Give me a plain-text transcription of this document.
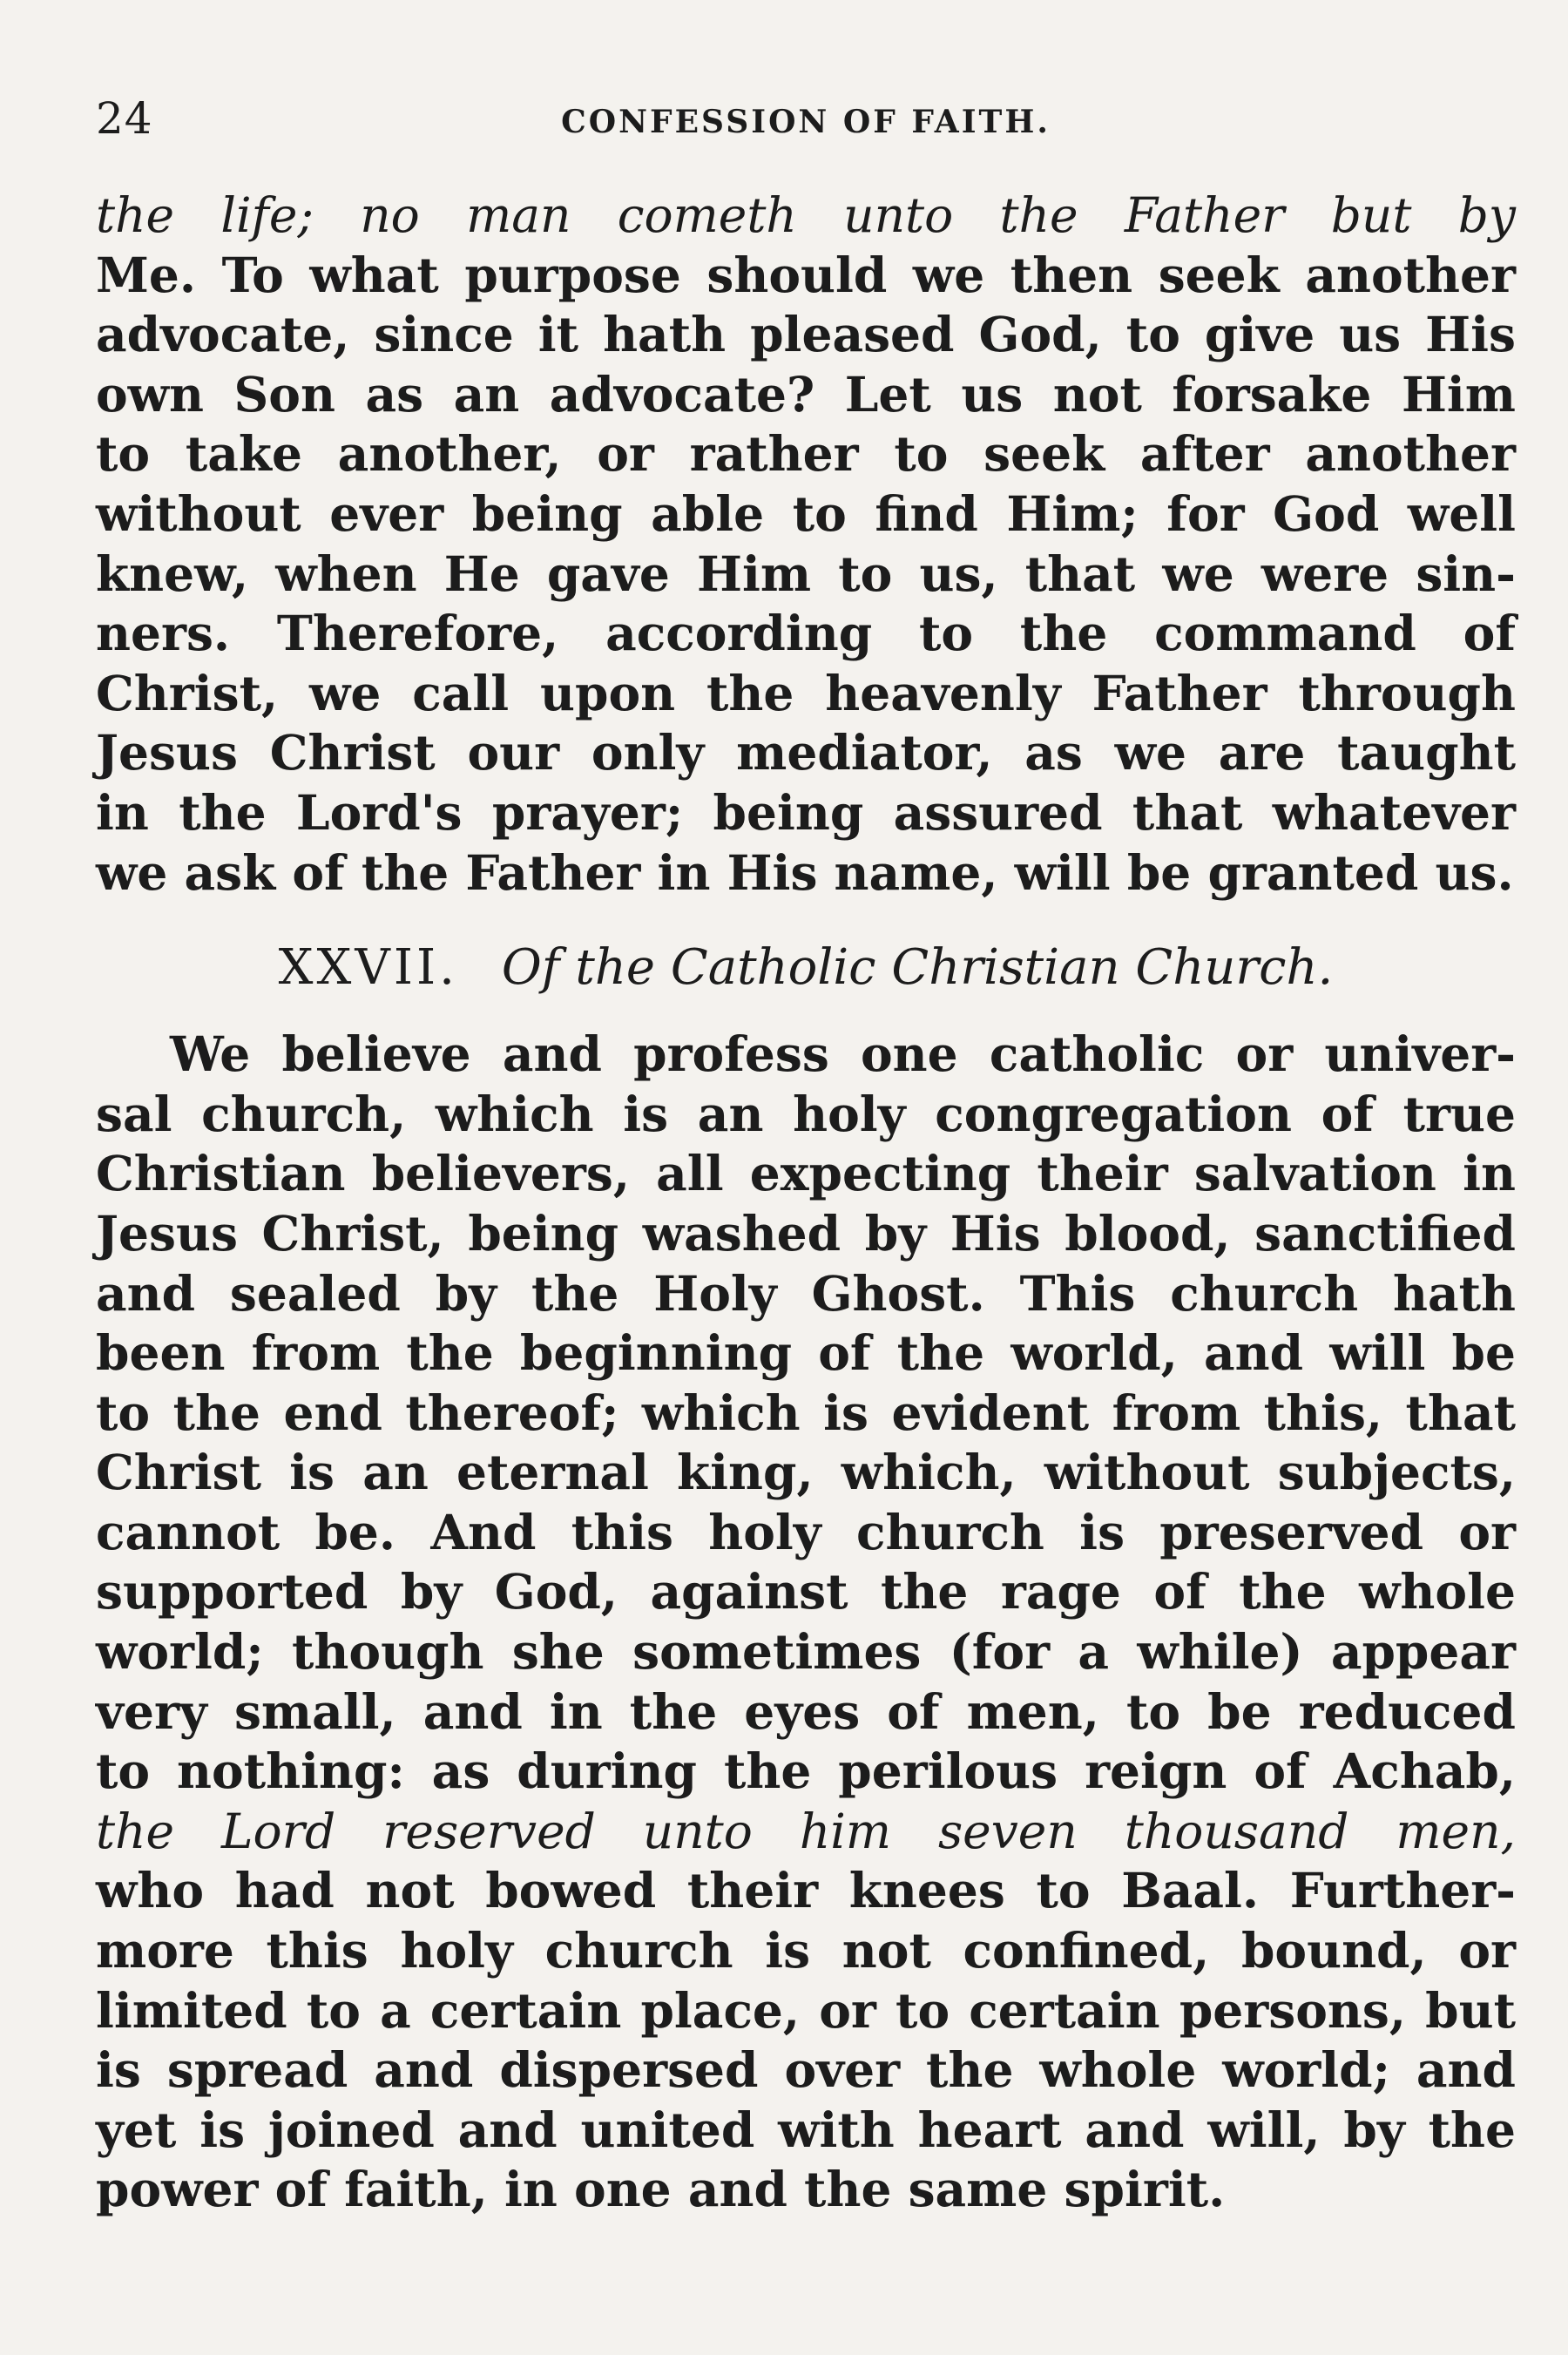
24	CONFESSION OF FAITH.

the life; no man cometh unto the Father but by
Me. To what purpose should we then seek another
advocate, since it hath pleased God, to give us His
own Son as an advocate? Let us not forsake Him
to take another, or rather to seek after another
without ever being able to find Him; for God well
knew, when He gave Him to us, that we were sin-
ners. Therefore, according to the command of
Christ, we call upon the heavenly Father through
Jesus Christ our only mediator, as we are taught
in the Lord's prayer; being assured that whatever
we ask of the Father in His name, will be granted us.

XXVII. Of the Catholic Christian Church.

We believe and profess one catholic or univer-
sal church, which is an holy congregation of true
Christian believers, all expecting their salvation in
Jesus Christ, being washed by His blood, sanctified
and sealed by the Holy Ghost. This church hath
been from the beginning of the world, and will be
to the end thereof; which is evident from this, that
Christ is an eternal king, which, without subjects,
cannot be. And this holy church is preserved or
supported by God, against the rage of the whole
world; though she sometimes (for a while) appear
very small, and in the eyes of men, to be reduced
to nothing: as during the perilous reign of Achab,
the Lord reserved unto him seven thousand men,
who had not bowed their knees to Baal. Further-
more this holy church is not confined, bound, or
limited to a certain place, or to certain persons, but
is spread and dispersed over the whole world; and
yet is joined and united with heart and will, by the
power of faith, in one and the same spirit.
